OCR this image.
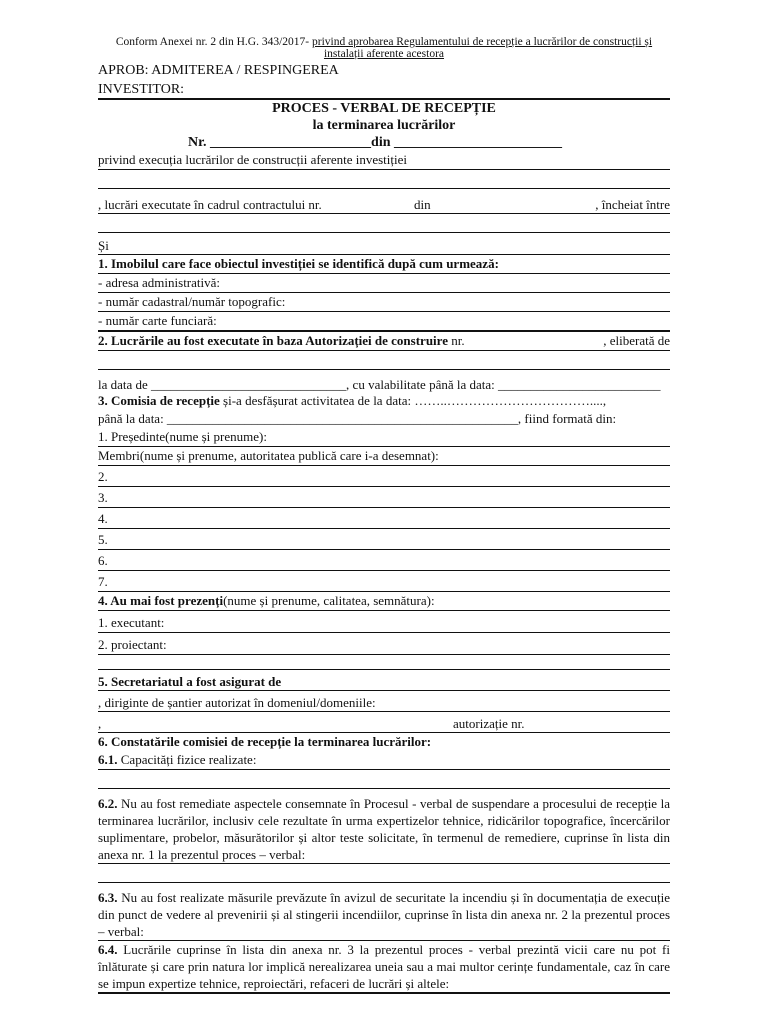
Conform Anexei nr. 2 din H.G. 343/2017- privind aprobarea Regulamentului de recepție a lucrărilor de construcții și instalații aferente acestora
APROB: ADMITEREA / RESPINGEREA
INVESTITOR:
PROCES - VERBAL DE RECEPȚIE
la terminarea lucrărilor
Nr. _______________________din ________________________
privind execuția lucrărilor de construcții aferente investiției
, lucrări executate în cadrul contractului nr.	din	, încheiat între
Și
1. Imobilul care face obiectul investiției se identifică după cum urmează:
- adresa administrativă:
- număr cadastral/număr topografic:
- număr carte funciară:
2. Lucrările au fost executate în baza Autorizației de construire nr.	, eliberată de
la data de ______________________________, cu valabilitate până la data: _________________________
3. Comisia de recepție și-a desfășurat activitatea de la data: ……..……………………………....,
până la data: ______________________________________________________, fiind formată din:
1. Președinte(nume și prenume):
Membri(nume și prenume, autoritatea publică care i-a desemnat):
2.
3.
4.
5.
6.
7.
4. Au mai fost prezenți(nume și prenume, calitatea, semnătura):
1. executant:
2. proiectant:
5. Secretariatul a fost asigurat de
, diriginte de șantier autorizat în domeniul/domeniile:
,	autorizație nr.
6. Constatările comisiei de recepție la terminarea lucrărilor:
6.1. Capacități fizice realizate:
6.2. Nu au fost remediate aspectele consemnate în Procesul - verbal de suspendare a procesului de recepție la terminarea lucrărilor, inclusiv cele rezultate în urma expertizelor tehnice, ridicărilor topografice, încercărilor suplimentare, probelor, măsurătorilor și altor teste solicitate, în termenul de remediere, cuprinse în lista din anexa nr. 1 la prezentul proces – verbal:
6.3. Nu au fost realizate măsurile prevăzute în avizul de securitate la incendiu și în documentația de execuție din punct de vedere al prevenirii și al stingerii incendiilor, cuprinse în lista din anexa nr. 2 la prezentul proces – verbal:
6.4. Lucrările cuprinse în lista din anexa nr. 3 la prezentul proces - verbal prezintă vicii care nu pot fi înlăturate și care prin natura lor implică nerealizarea uneia sau a mai multor cerințe fundamentale, caz în care se impun expertize tehnice, reproiectări, refaceri de lucrări și altele:
